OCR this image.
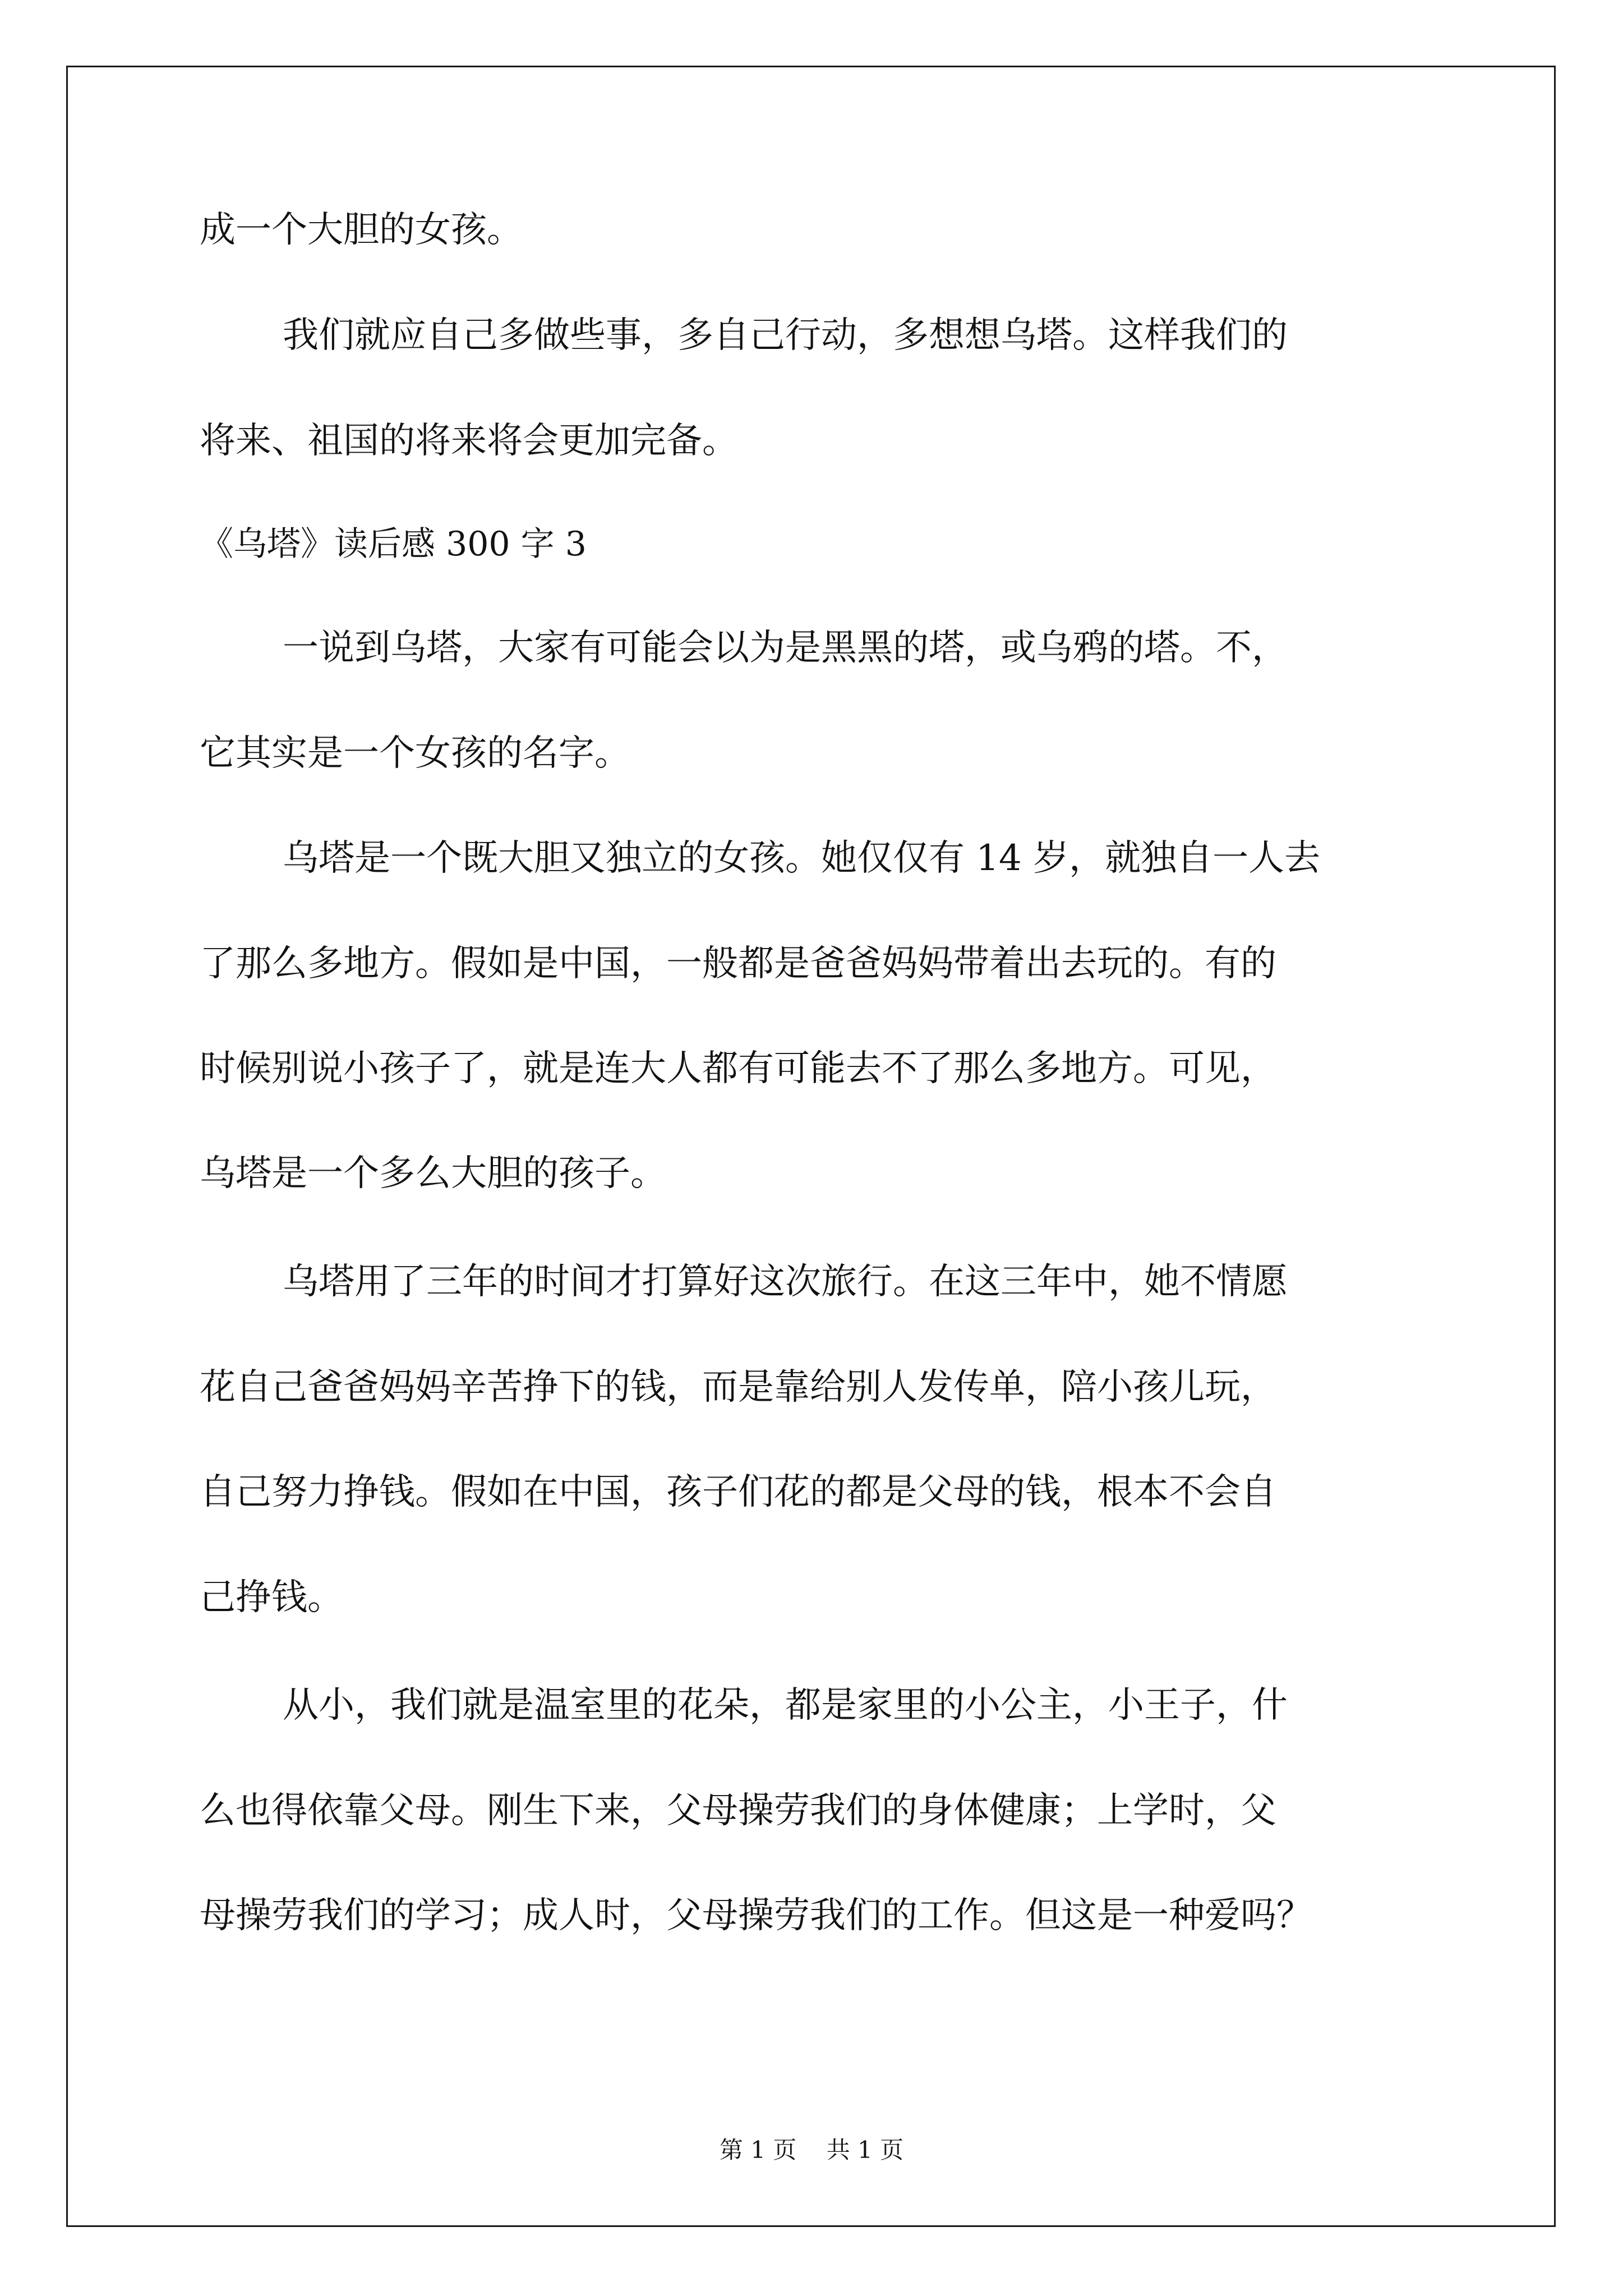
成一个大胆的女孩。
我们就应自己多做些事，多自己行动，多想想乌塔。这样我们的
将来、祖国的将来将会更加完备。
《乌塔》读后感 300 字 3
一说到乌塔，大家有可能会以为是黑黑的塔，或乌鸦的塔。不，
它其实是一个女孩的名字。
乌塔是一个既大胆又独立的女孩。她仅仅有 14 岁，就独自一人去
了那么多地方。假如是中国，一般都是爸爸妈妈带着出去玩的。有的
时候别说小孩子了，就是连大人都有可能去不了那么多地方。可见，
乌塔是一个多么大胆的孩子。
乌塔用了三年的时间才打算好这次旅行。在这三年中，她不情愿
花自己爸爸妈妈辛苦挣下的钱，而是靠给别人发传单，陪小孩儿玩，
自己努力挣钱。假如在中国，孩子们花的都是父母的钱，根本不会自
己挣钱。
从小，我们就是温室里的花朵，都是家里的小公主，小王子，什
么也得依靠父母。刚生下来，父母操劳我们的身体健康；上学时，父
母操劳我们的学习；成人时，父母操劳我们的工作。但这是一种爱吗？
第 1 页    共 1 页
